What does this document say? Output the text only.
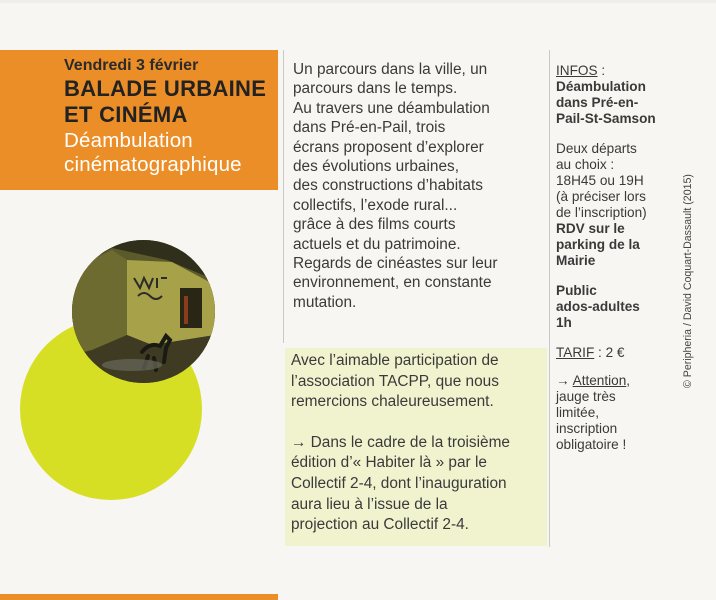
Vendredi 3 février
BALADE URBAINE
ET CINÉMA
Déambulation
cinématographique
Un parcours dans la ville, un
parcours dans le temps.
Au travers une déambulation
dans Pré-en-Pail, trois
écrans proposent d’explorer
des évolutions urbaines,
des constructions d’habitats
collectifs, l’exode rural...
grâce à des films courts
actuels et du patrimoine.
Regards de cinéastes sur leur
environnement, en constante
mutation.

Avec l’aimable participation de
l’association TACPP, que nous
remercions chaleureusement.

→ Dans le cadre de la troisième
édition d’« Habiter là » par le
Collectif 2-4, dont l’inauguration
aura lieu à l’issue de la
projection au Collectif 2-4.

INFOS :
Déambulation
dans Pré-en-
Pail-St-Samson
Deux départs
au choix :
18H45 ou 19H
(à préciser lors
de l’inscription)
RDV sur le
parking de la
Mairie
Public
ados-adultes
1h
TARIF : 2 €
→ Attention,
jauge très
limitée,
inscription
obligatoire !
© Peripheria / David Coquart-Dassault (2015)
